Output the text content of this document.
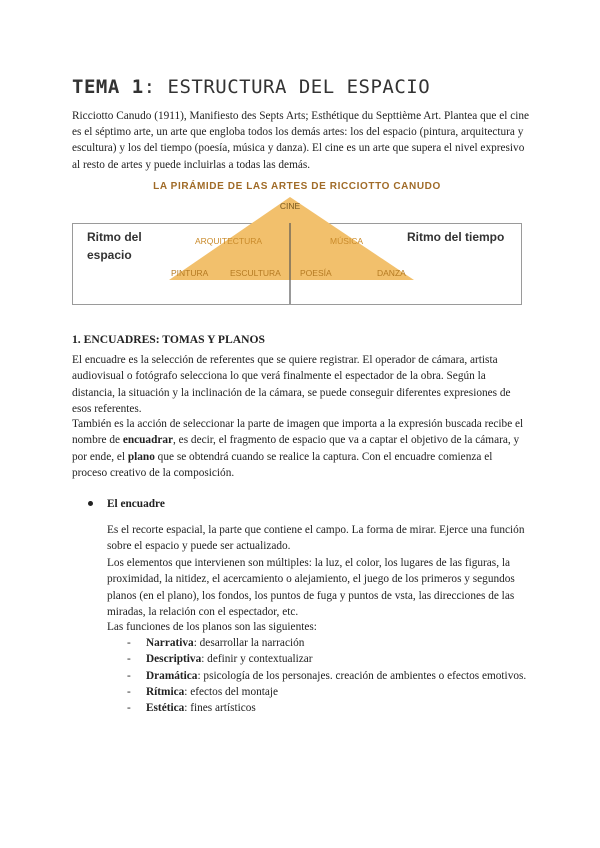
TEMA 1: ESTRUCTURA DEL ESPACIO

Ricciotto Canudo (1911), Manifiesto des Septs Arts; Esthétique du Septtième Art. Plantea que el cine es el séptimo arte, un arte que engloba todos los demás artes: los del espacio (pintura, arquitectura y escultura) y los del tiempo (poesía, música y danza). El cine es un arte que supera el nivel expresivo al resto de artes y puede incluirlas a todas las demás.

LA PIRÁMIDE DE LAS ARTES DE RICCIOTTO CANUDO
CINE
Ritmo del
espacio
Ritmo del tiempo
ARQUITECTURA	MÚSICA
PINTURA	ESCULTURA POESÍA	DANZA
1. ENCUADRES: TOMAS Y PLANOS

El encuadre es la selección de referentes que se quiere registrar. El operador de cámara, artista audiovisual o fotógrafo selecciona lo que verá finalmente el espectador de la obra. Según la distancia, la situación y la inclinación de la cámara, se puede conseguir diferentes expresiones de esos referentes.

También es la acción de seleccionar la parte de imagen que importa a la expresión buscada recibe el nombre de encuadrar, es decir, el fragmento de espacio que va a captar el objetivo de la cámara, y por ende, el plano que se obtendrá cuando se realice la captura. Con el encuadre comienza el proceso creativo de la composición.

El encuadre

Es el recorte espacial, la parte que contiene el campo. La forma de mirar. Ejerce una función sobre el espacio y puede ser actualizado.

Los elementos que intervienen son múltiples: la luz, el color, los lugares de las figuras, la proximidad, la nitidez, el acercamiento o alejamiento, el juego de los primeros y segundos planos (en el plano), los fondos, los puntos de fuga y puntos de vsta, las direcciones de las miradas, la relación con el espectador, etc.

Las funciones de los planos son las siguientes:

- Narrativa: desarrollar la narración
- Descriptiva: definir y contextualizar
- Dramática: psicología de los personajes. creación de ambientes o efectos emotivos.
- Rítmica: efectos del montaje
- Estética: fines artísticos
